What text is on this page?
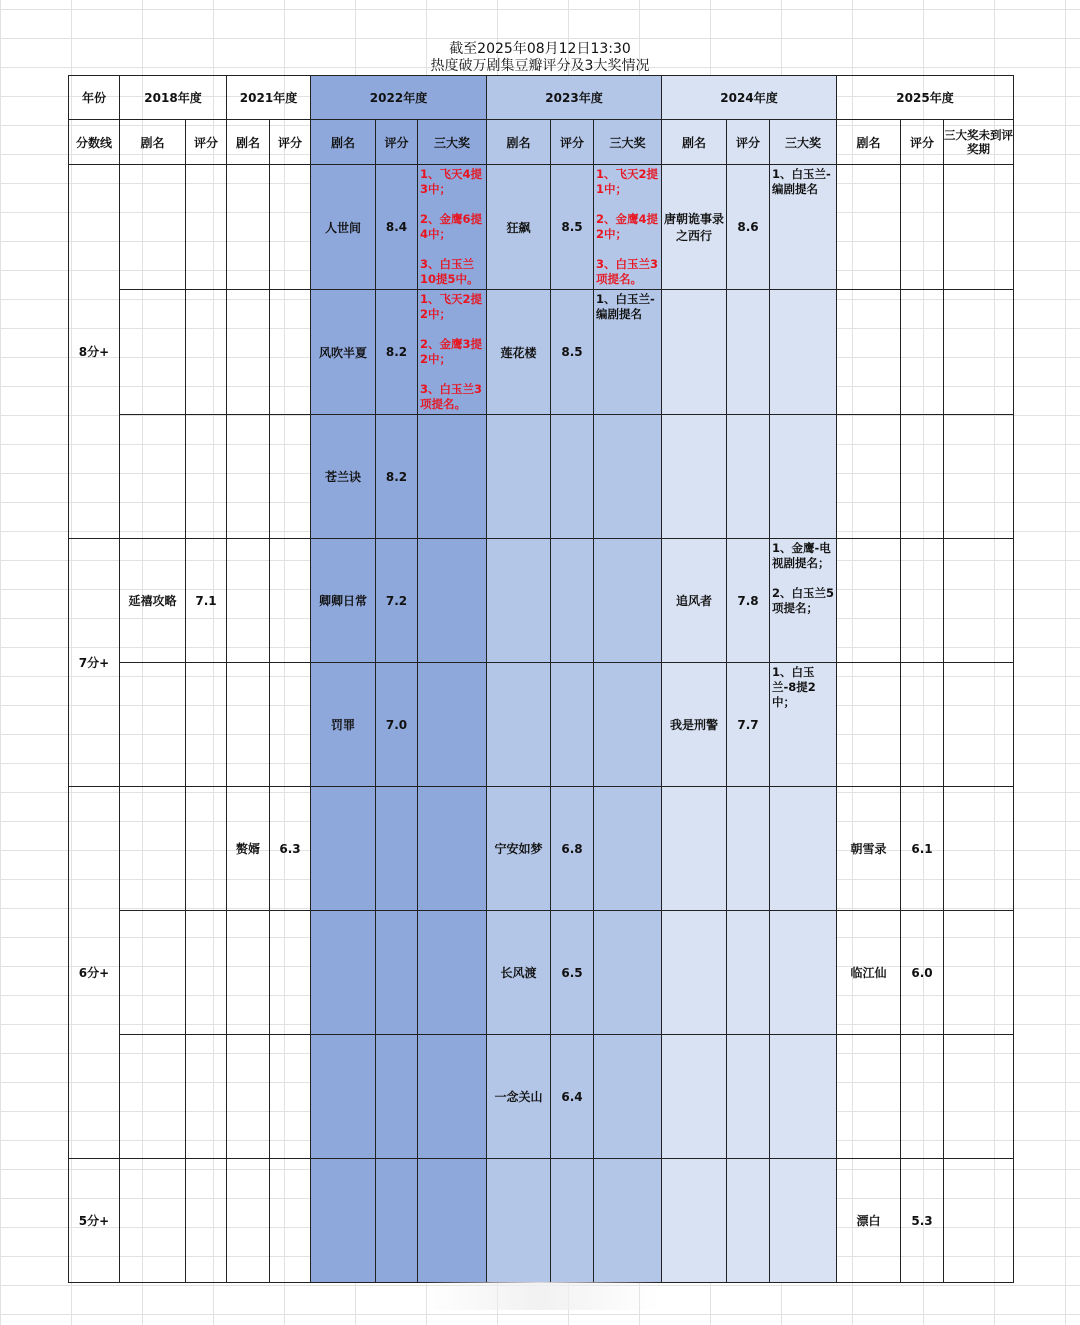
截至2025年08月12日13:30
热度破万剧集豆瓣评分及3大奖情况
年份	2018年度		2021年度		2022年度			2023年度			2024年度			2025年度		
分数线	剧名	评分	剧名	评分	剧名	评分	三大奖	剧名	评分	三大奖	剧名	评分	三大奖	剧名	评分	三大奖未到评奖期
8分+					人世间	8.4	1、飞天4提3中；
2、金鹰6提4中；
3、白玉兰10提5中。	狂飙	8.5	1、飞天2提1中；
2、金鹰4提2中；
3、白玉兰3项提名。	唐朝诡事录之西行	8.6	1、白玉兰-编剧提名			

					风吹半夏	8.2	1、飞天2提2中；
2、金鹰3提2中；
3、白玉兰3项提名。	莲花楼	8.5	1、白玉兰-编剧提名						

					苍兰诀	8.2										
7分+	延禧攻略	7.1			卿卿日常	7.2					追风者	7.8	1、金鹰-电视剧提名；
2、白玉兰5项提名；			

					罚罪	7.0					我是刑警	7.7	1、白玉兰-8提2中；			

6分+			赘婿	6.3				宁安如梦	6.8					朝雪录	6.1	
								长风渡	6.5					临江仙	6.0	
								一念关山	6.4							
5分+														漂白	5.3	
